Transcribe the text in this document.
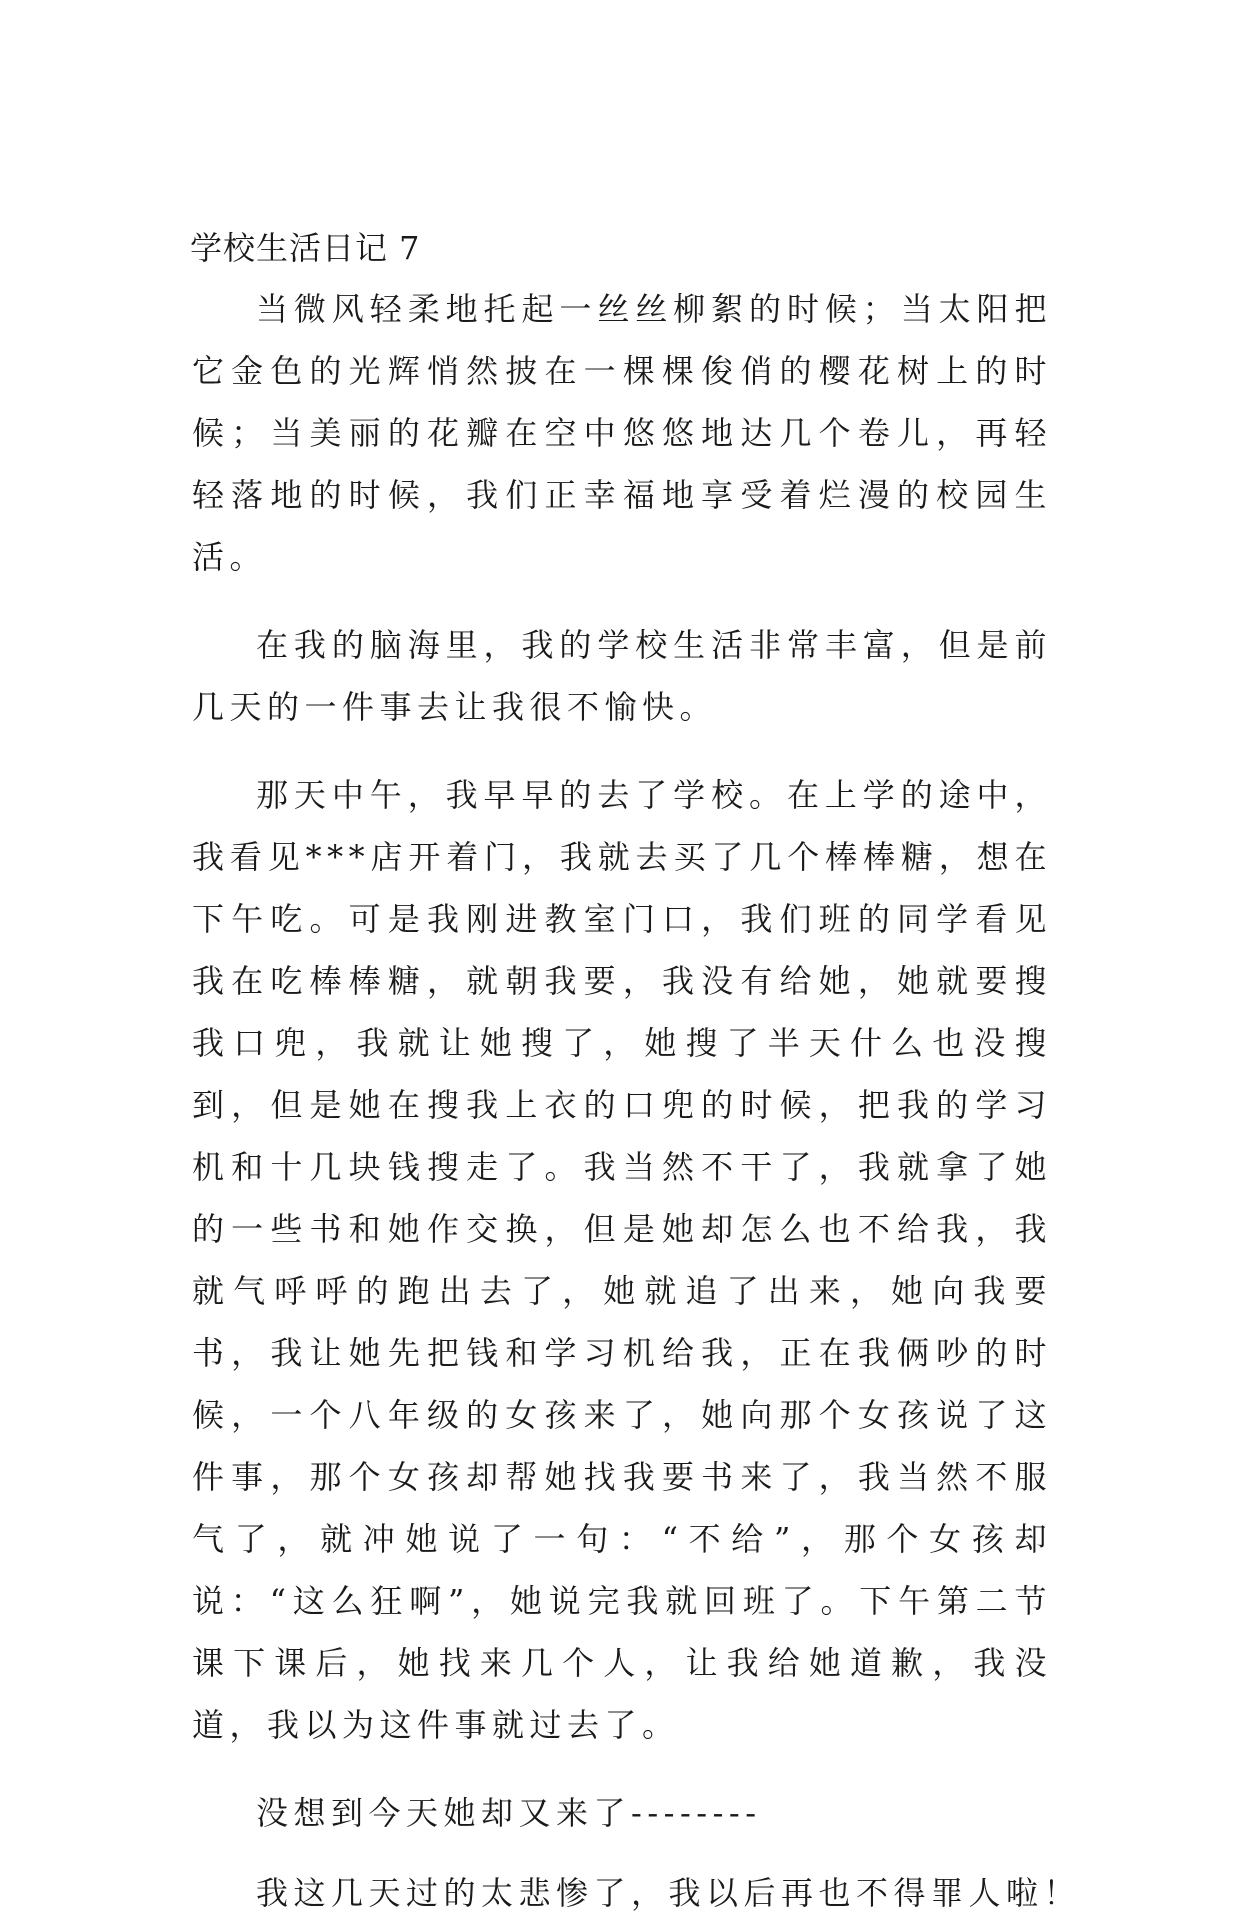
学校生活日记 7

当微风轻柔地托起一丝丝柳絮的时候；当太阳把它金色的光辉悄然披在一棵棵俊俏的樱花树上的时候；当美丽的花瓣在空中悠悠地达几个卷儿，再轻轻落地的时候，我们正幸福地享受着烂漫的校园生活。

在我的脑海里，我的学校生活非常丰富，但是前几天的一件事去让我很不愉快。

那天中午，我早早的去了学校。在上学的途中，我看见***店开着门，我就去买了几个棒棒糖，想在下午吃。可是我刚进教室门口，我们班的同学看见我在吃棒棒糖，就朝我要，我没有给她，她就要搜我口兜，我就让她搜了，她搜了半天什么也没搜到，但是她在搜我上衣的口兜的时候，把我的学习机和十几块钱搜走了。我当然不干了，我就拿了她的一些书和她作交换，但是她却怎么也不给我，我就气呼呼的跑出去了，她就追了出来，她向我要书，我让她先把钱和学习机给我，正在我俩吵的时候，一个八年级的女孩来了，她向那个女孩说了这件事，那个女孩却帮她找我要书来了，我当然不服气了，就冲她说了一句：“不给”，那个女孩却说：“这么狂啊”，她说完我就回班了。下午第二节课下课后，她找来几个人，让我给她道歉，我没道，我以为这件事就过去了。

没想到今天她却又来了--------

我这几天过的太悲惨了，我以后再也不得罪人啦！
